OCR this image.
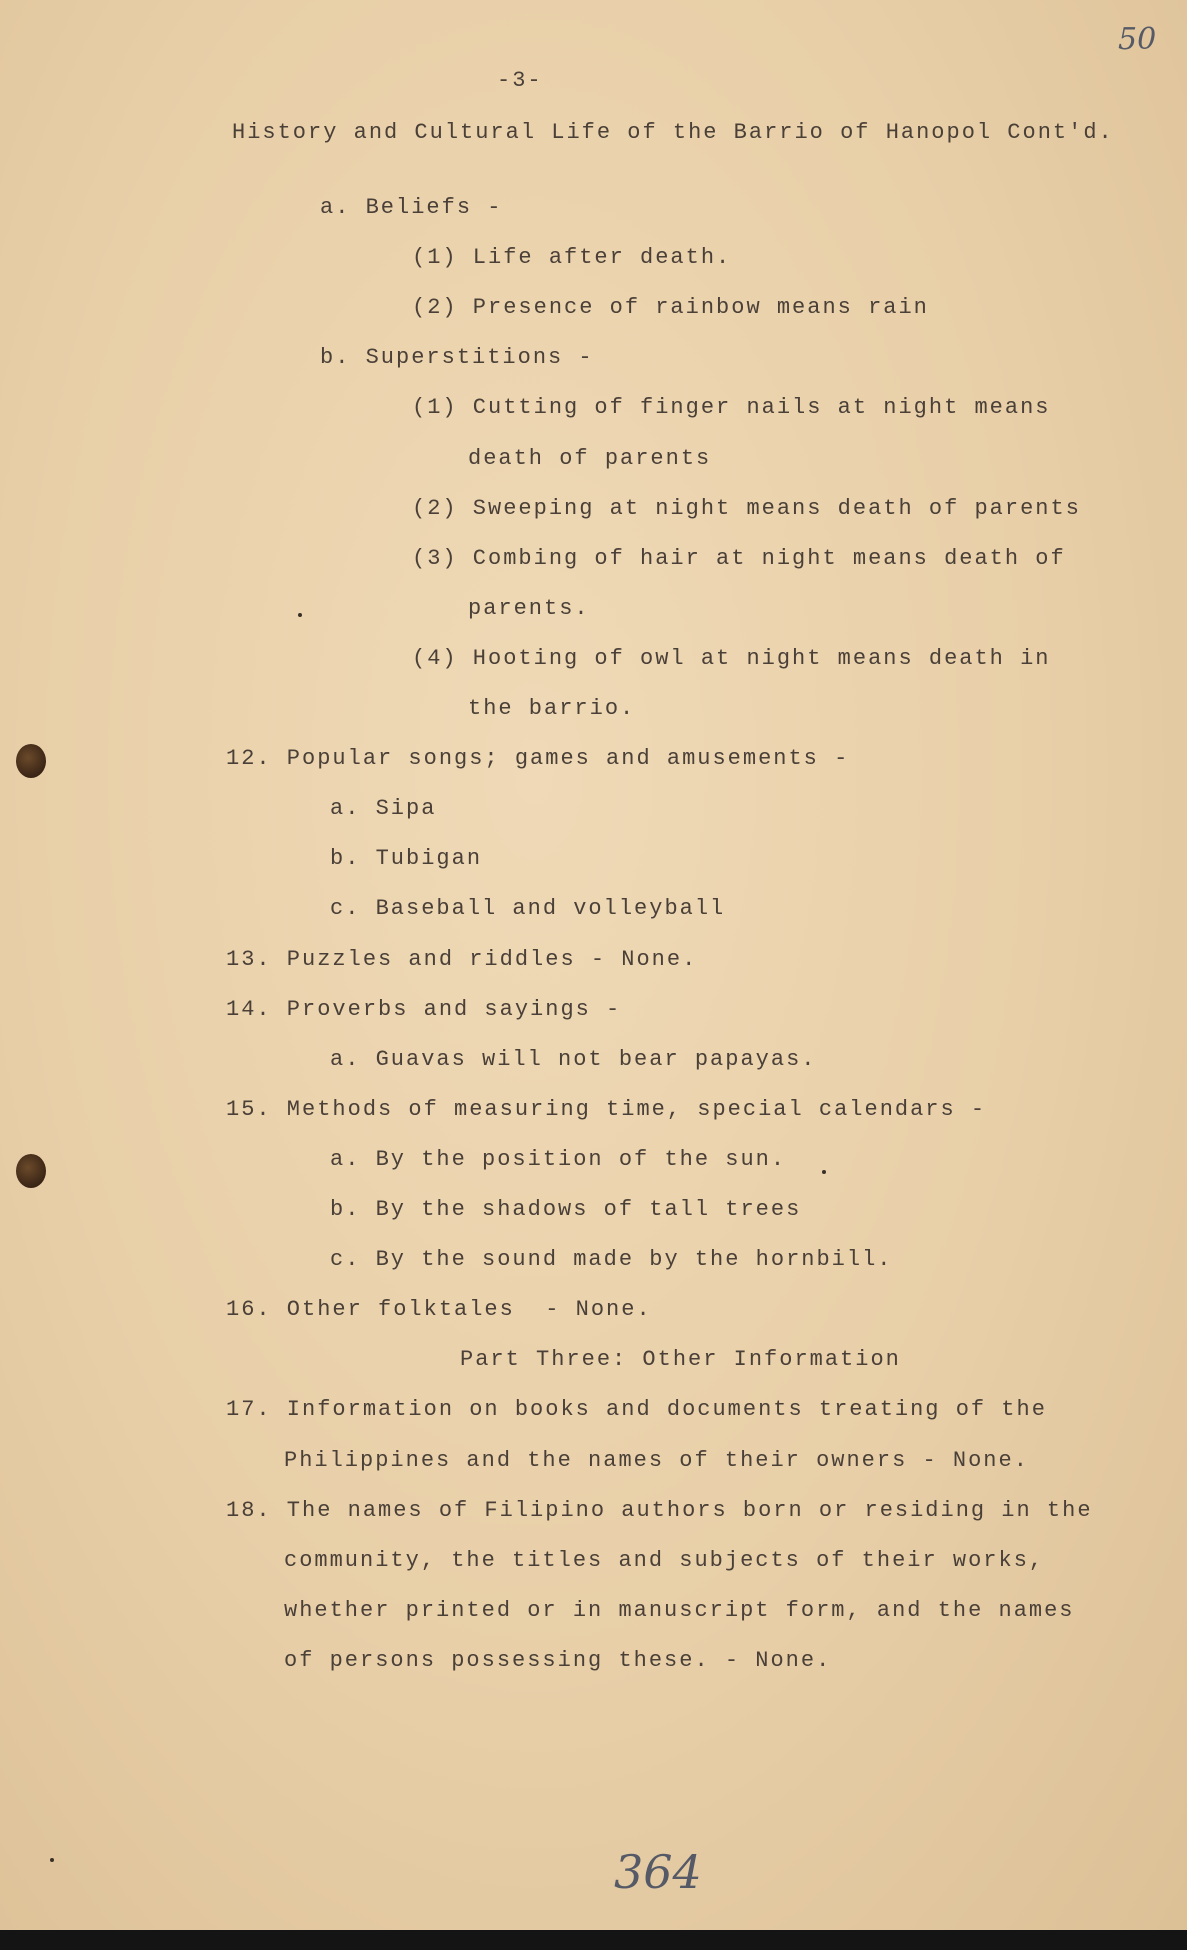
50
-3-
History and Cultural Life of the Barrio of Hanopol Cont'd.
a. Beliefs -
(1) Life after death.
(2) Presence of rainbow means rain
b. Superstitions -
(1) Cutting of finger nails at night means
death of parents
(2) Sweeping at night means death of parents
(3) Combing of hair at night means death of
parents.
(4) Hooting of owl at night means death in
the barrio.
12. Popular songs; games and amusements -
a. Sipa
b. Tubigan
c. Baseball and volleyball
13. Puzzles and riddles - None.
14. Proverbs and sayings -
a. Guavas will not bear papayas.
15. Methods of measuring time, special calendars -
a. By the position of the sun.
b. By the shadows of tall trees
c. By the sound made by the hornbill.
16. Other folktales  - None.
Part Three: Other Information
17. Information on books and documents treating of the
Philippines and the names of their owners - None.
18. The names of Filipino authors born or residing in the
community, the titles and subjects of their works,
whether printed or in manuscript form, and the names
of persons possessing these. - None.
364
